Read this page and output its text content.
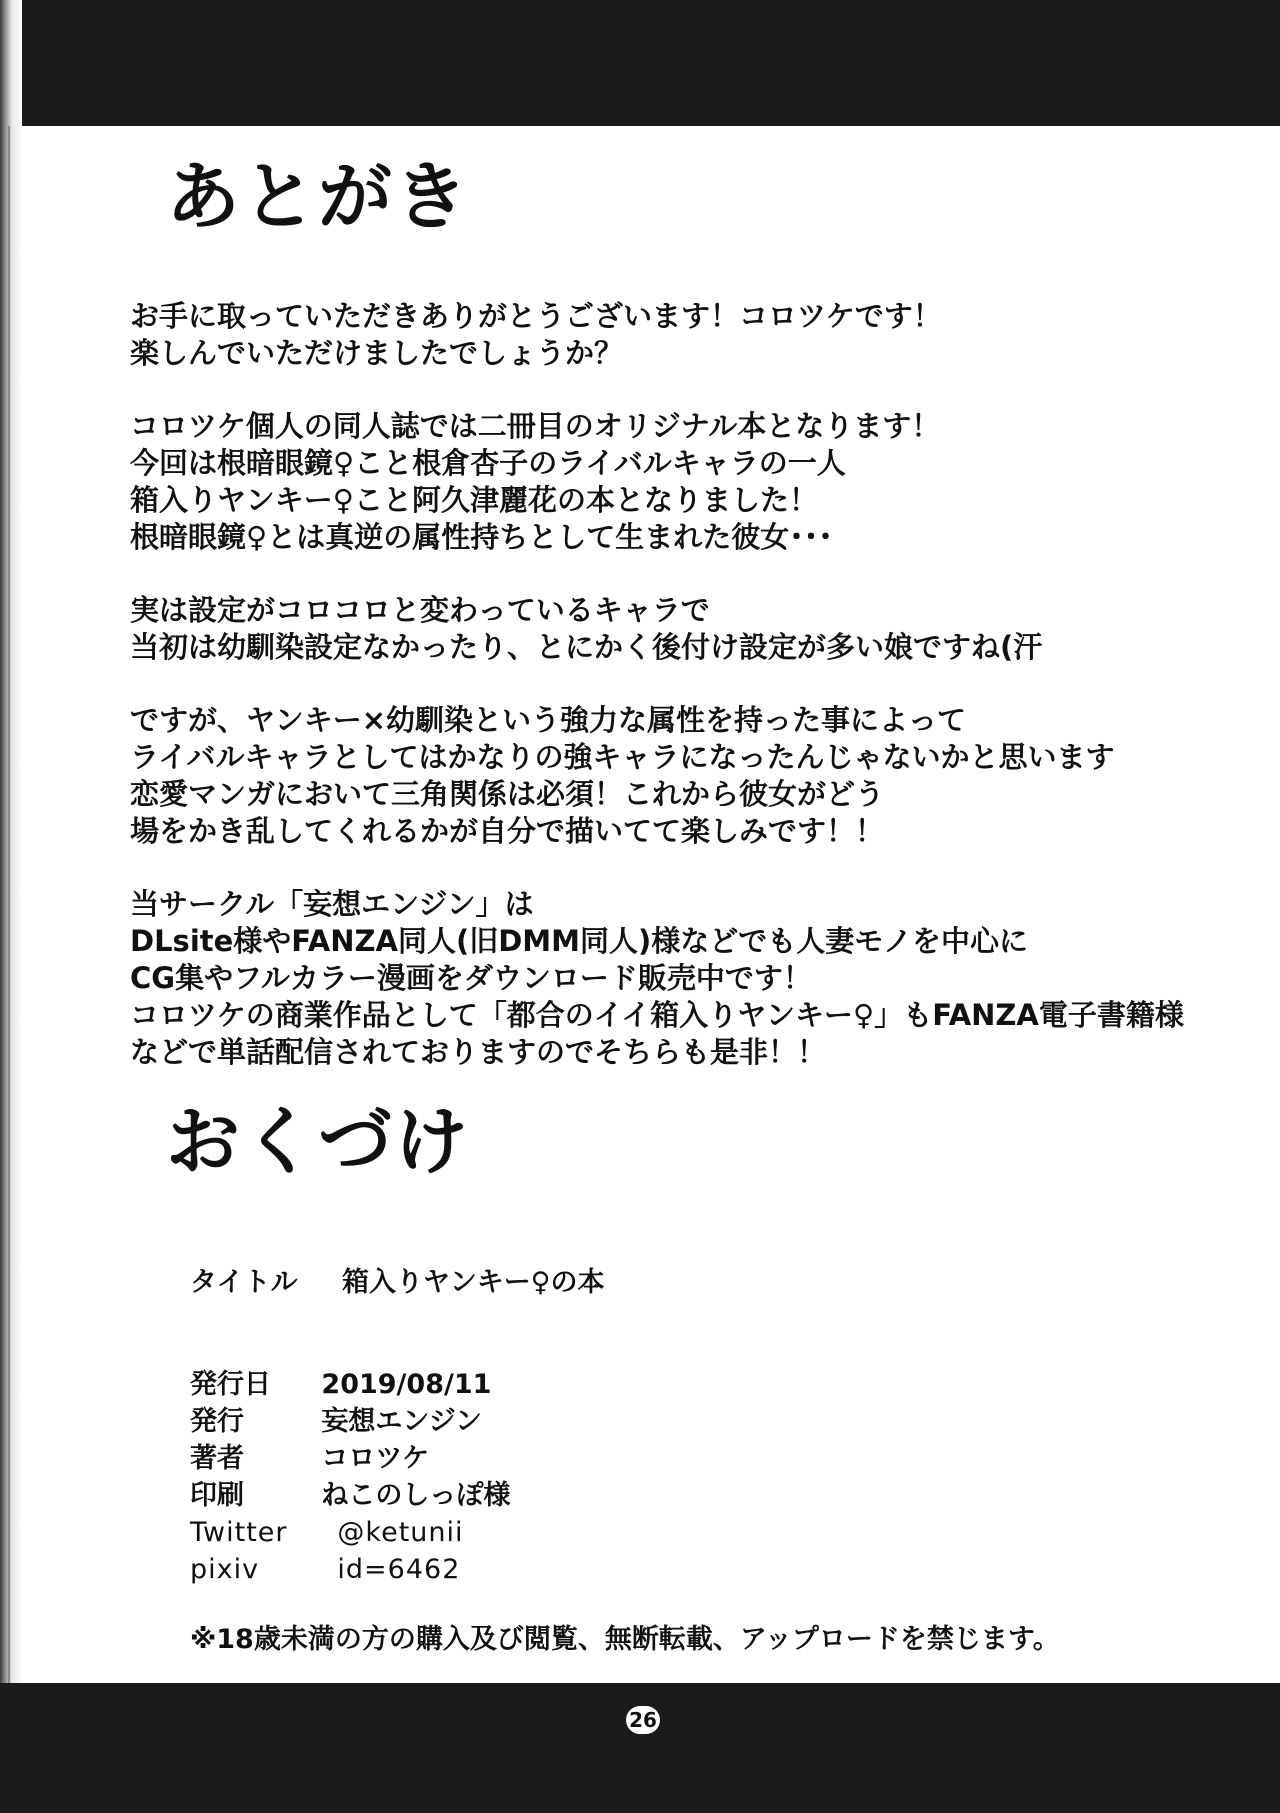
あとがき

お手に取っていただきありがとうございます！コロツケです！
楽しんでいただけましたでしょうか？

コロツケ個人の同人誌では二冊目のオリジナル本となります！
今回は根暗眼鏡♀こと根倉杏子のライバルキャラの一人
箱入りヤンキー♀こと阿久津麗花の本となりました！
根暗眼鏡♀とは真逆の属性持ちとして生まれた彼女･･･

実は設定がコロコロと変わっているキャラで
当初は幼馴染設定なかったり、とにかく後付け設定が多い娘ですね(汗

ですが、ヤンキー×幼馴染という強力な属性を持った事によって
ライバルキャラとしてはかなりの強キャラになったんじゃないかと思います
恋愛マンガにおいて三角関係は必須！これから彼女がどう
場をかき乱してくれるかが自分で描いてて楽しみです！！

当サークル「妄想エンジン」は
DLsite様やFANZA同人(旧DMM同人)様などでも人妻モノを中心に
CG集やフルカラー漫画をダウンロード販売中です！
コロツケの商業作品として「都合のイイ箱入りヤンキー♀」もFANZA電子書籍様
などで単話配信されておりますのでそちらも是非！！

おくづけ
タイトル 箱入りヤンキー♀の本
発行日 2019/08/11
発行	妄想エンジン
著者	コロツケ
印刷	ねこのしっぽ様
Twitter @ketunii
pixiv	id=6462
※18歳未満の方の購入及び閲覧、無断転載、アップロードを禁じます。
26
